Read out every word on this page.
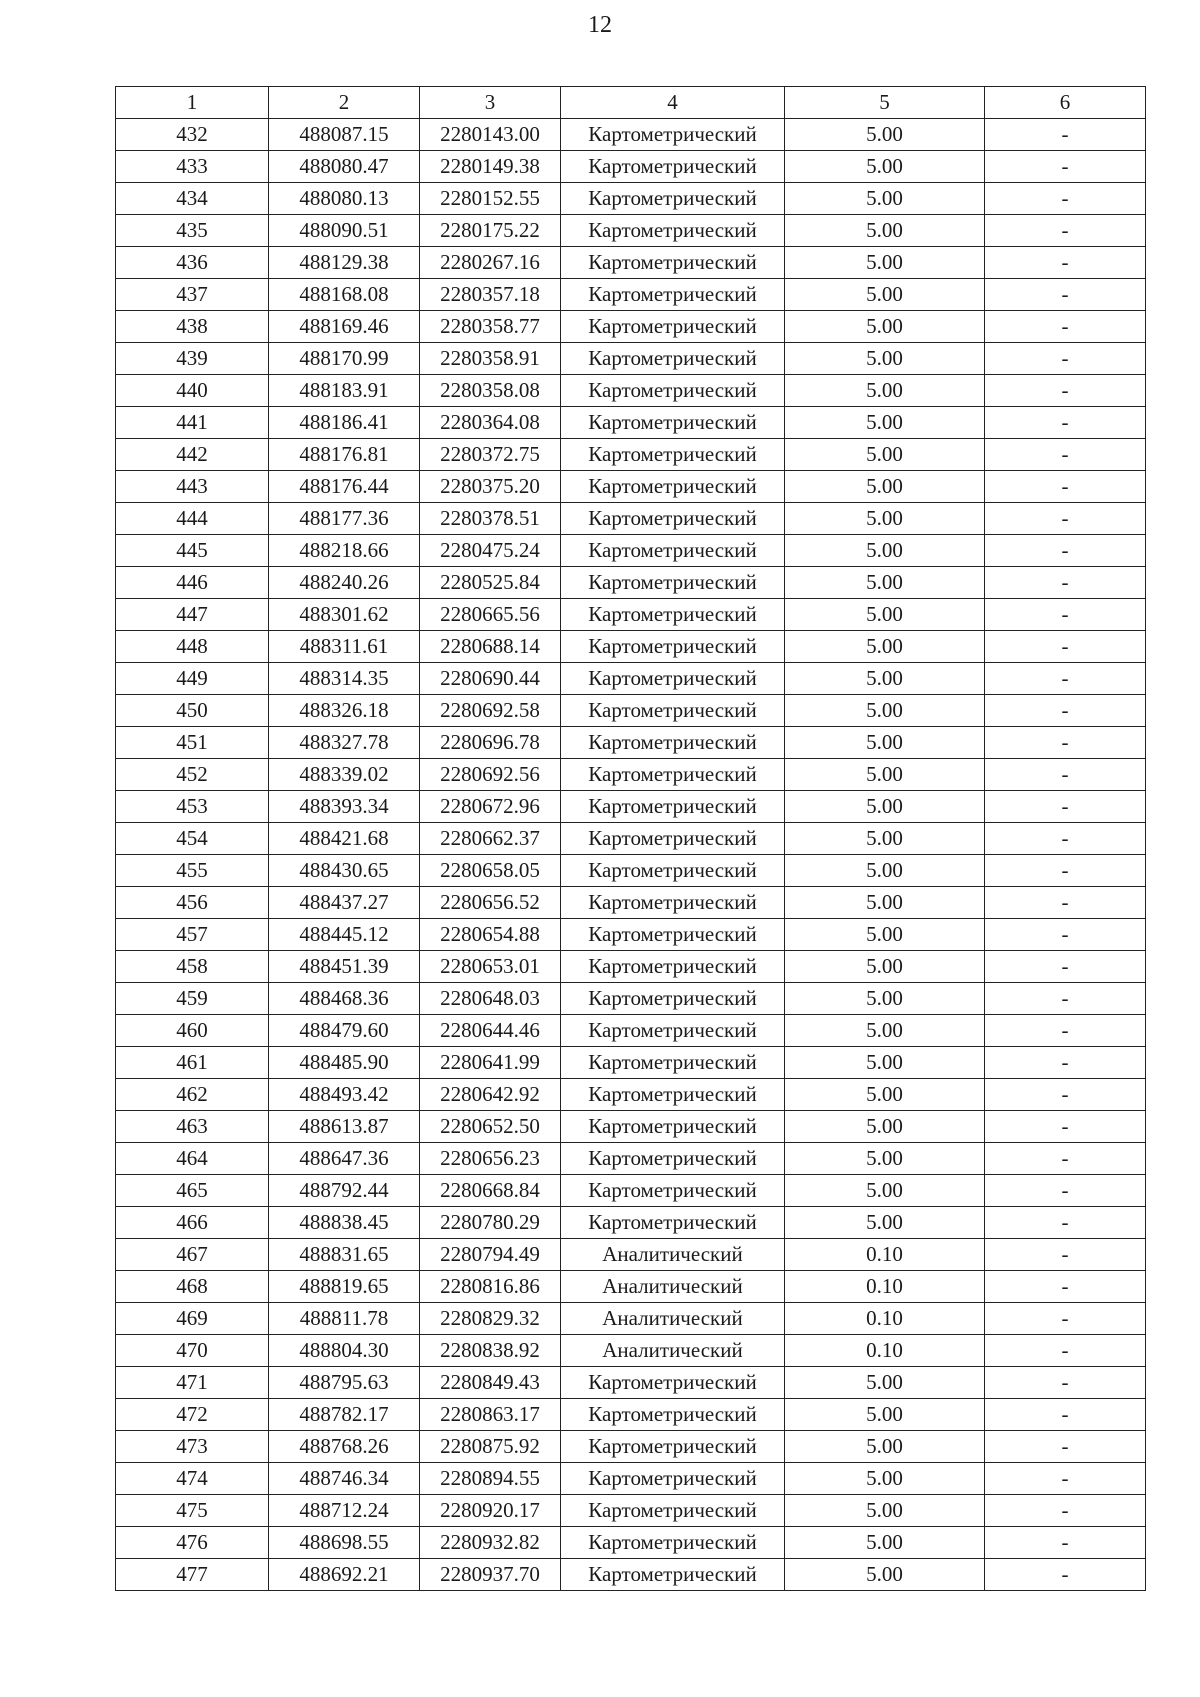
12
1	2	3	4	5	6
432	488087.15	2280143.00	Картометрический	5.00	-
433	488080.47	2280149.38	Картометрический	5.00	-
434	488080.13	2280152.55	Картометрический	5.00	-
435	488090.51	2280175.22	Картометрический	5.00	-
436	488129.38	2280267.16	Картометрический	5.00	-
437	488168.08	2280357.18	Картометрический	5.00	-
438	488169.46	2280358.77	Картометрический	5.00	-
439	488170.99	2280358.91	Картометрический	5.00	-
440	488183.91	2280358.08	Картометрический	5.00	-
441	488186.41	2280364.08	Картометрический	5.00	-
442	488176.81	2280372.75	Картометрический	5.00	-
443	488176.44	2280375.20	Картометрический	5.00	-
444	488177.36	2280378.51	Картометрический	5.00	-
445	488218.66	2280475.24	Картометрический	5.00	-
446	488240.26	2280525.84	Картометрический	5.00	-
447	488301.62	2280665.56	Картометрический	5.00	-
448	488311.61	2280688.14	Картометрический	5.00	-
449	488314.35	2280690.44	Картометрический	5.00	-
450	488326.18	2280692.58	Картометрический	5.00	-
451	488327.78	2280696.78	Картометрический	5.00	-
452	488339.02	2280692.56	Картометрический	5.00	-
453	488393.34	2280672.96	Картометрический	5.00	-
454	488421.68	2280662.37	Картометрический	5.00	-
455	488430.65	2280658.05	Картометрический	5.00	-
456	488437.27	2280656.52	Картометрический	5.00	-
457	488445.12	2280654.88	Картометрический	5.00	-
458	488451.39	2280653.01	Картометрический	5.00	-
459	488468.36	2280648.03	Картометрический	5.00	-
460	488479.60	2280644.46	Картометрический	5.00	-
461	488485.90	2280641.99	Картометрический	5.00	-
462	488493.42	2280642.92	Картометрический	5.00	-
463	488613.87	2280652.50	Картометрический	5.00	-
464	488647.36	2280656.23	Картометрический	5.00	-
465	488792.44	2280668.84	Картометрический	5.00	-
466	488838.45	2280780.29	Картометрический	5.00	-
467	488831.65	2280794.49	Аналитический	0.10	-
468	488819.65	2280816.86	Аналитический	0.10	-
469	488811.78	2280829.32	Аналитический	0.10	-
470	488804.30	2280838.92	Аналитический	0.10	-
471	488795.63	2280849.43	Картометрический	5.00	-
472	488782.17	2280863.17	Картометрический	5.00	-
473	488768.26	2280875.92	Картометрический	5.00	-
474	488746.34	2280894.55	Картометрический	5.00	-
475	488712.24	2280920.17	Картометрический	5.00	-
476	488698.55	2280932.82	Картометрический	5.00	-
477	488692.21	2280937.70	Картометрический	5.00	-
